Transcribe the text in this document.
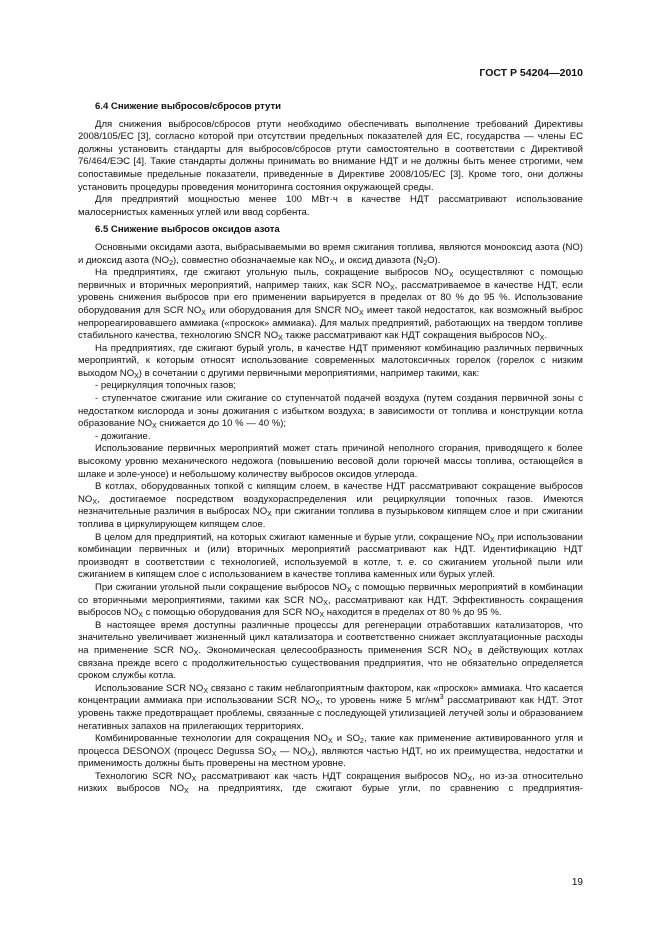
ГОСТ Р 54204—2010

6.4 Снижение выбросов/сбросов ртути

Для снижения выбросов/сбросов ртути необходимо обеспечивать выполнение требований Директивы 2008/105/ЕС [3], согласно которой при отсутствии предельных показателей для ЕС, государства — члены ЕС должны установить стандарты для выбросов/сбросов ртути самостоятельно в соответствии с Директивой 76/464/ЕЭС [4]. Такие стандарты должны принимать во внимание НДТ и не должны быть менее строгими, чем сопоставимые предельные показатели, приведенные в Директиве 2008/105/ЕС [3]. Кроме того, они должны установить процедуры проведения мониторинга состояния окружающей среды.

Для предприятий мощностью менее 100 МВт·ч в качестве НДТ рассматривают использование малосернистых каменных углей или ввод сорбента.

6.5 Снижение выбросов оксидов азота

Основными оксидами азота, выбрасываемыми во время сжигания топлива, являются монооксид азота (NO) и диоксид азота $(NO_2)$, совместно обозначаемые как $NO_X$, и оксид диазота $(N_2O)$.

На предприятиях, где сжигают угольную пыль, сокращение выбросов $NO_X$ осуществляют с помощью первичных и вторичных мероприятий, например таких, как SCR $NO_X$, рассматриваемое в качестве НДТ, если уровень снижения выбросов при его применении варьируется в пределах от 80 % до 95 %. Использование оборудования для SCR $NO_X$ или оборудования для SNCR $NO_X$ имеет такой недостаток, как возможный выброс непрореагировавшего аммиака («проскок» аммиака). Для малых предприятий, работающих на твердом топливе стабильного качества, технологию SNCR $NO_X$ также рассматривают как НДТ сокращения выбросов $NO_X$.

На предприятиях, где сжигают бурый уголь, в качестве НДТ применяют комбинацию различных первичных мероприятий, к которым относят использование современных малотоксичных горелок (горелок с низким выходом $NO_X$) в сочетании с другими первичными мероприятиями, например такими, как:

- рециркуляция топочных газов;

- ступенчатое сжигание или сжигание со ступенчатой подачей воздуха (путем создания первичной зоны с недостатком кислорода и зоны дожигания с избытком воздуха; в зависимости от топлива и конструкции котла образование $NO_X$ снижается до 10 % — 40 %);

- дожигание.

Использование первичных мероприятий может стать причиной неполного сгорания, приводящего к более высокому уровню механического недожога (повышению весовой доли горючей массы топлива, остающейся в шлаке и золе-уносе) и небольшому количеству выбросов оксидов углерода.

В котлах, оборудованных топкой с кипящим слоем, в качестве НДТ рассматривают сокращение выбросов $NO_X$, достигаемое посредством воздухораспределения или рециркуляции топочных газов. Имеются незначительные различия в выбросах $NO_X$ при сжигании топлива в пузырьковом кипящем слое и при сжигании топлива в циркулирующем кипящем слое.

В целом для предприятий, на которых сжигают каменные и бурые угли, сокращение $NO_X$ при использовании комбинации первичных и (или) вторичных мероприятий рассматривают как НДТ. Идентификацию НДТ производят в соответствии с технологией, используемой в котле, т. е. со сжиганием угольной пыли или сжиганием в кипящем слое с использованием в качестве топлива каменных или бурых углей.

При сжигании угольной пыли сокращение выбросов $NO_X$ с помощью первичных мероприятий в комбинации со вторичными мероприятиями, такими как SCR $NO_X$, рассматривают как НДТ. Эффективность сокращения выбросов $NO_X$ с помощью оборудования для SCR $NO_X$ находится в пределах от 80 % до 95 %.

В настоящее время доступны различные процессы для регенерации отработавших катализаторов, что значительно увеличивает жизненный цикл катализатора и соответственно снижает эксплуатационные расходы на применение SCR $NO_X$. Экономическая целесообразность применения SCR $NO_X$ в действующих котлах связана прежде всего с продолжительностью существования предприятия, что не обязательно определяется сроком службы котла.

Использование SCR $NO_X$ связано с таким неблагоприятным фактором, как «проскок» аммиака. Что касается концентрации аммиака при использовании SCR $NO_X$, то уровень ниже 5 $мг/нм^3$ рассматривают как НДТ. Этот уровень также предотвращает проблемы, связанные с последующей утилизацией летучей золы и образованием негативных запахов на прилегающих территориях.

Комбинированные технологии для сокращения $NO_X$ и $SO_2$, такие как применение активированного угля и процесса DESONOX (процесс Degussa $SO_X$ — $NO_X$), являются частью НДТ, но их преимущества, недостатки и применимость должны быть проверены на местном уровне.

Технологию SCR $NO_X$ рассматривают как часть НДТ сокращения выбросов $NO_X$, но из-за относительно низких выбросов $NO_X$ на предприятиях, где сжигают бурые угли, по сравнению с предприятия-

19
